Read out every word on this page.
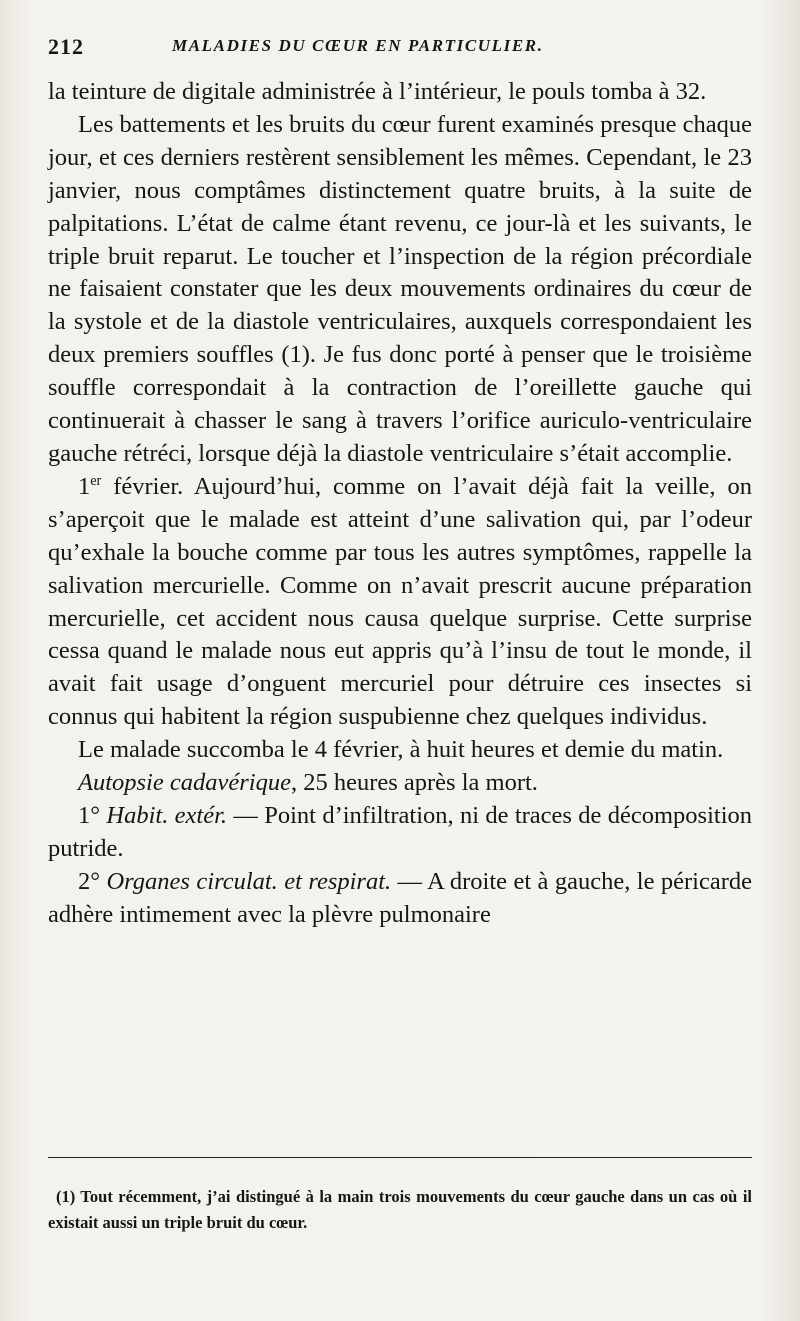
212	MALADIES DU CŒUR EN PARTICULIER.

la teinture de digitale administrée à l’intérieur, le pouls tomba à 32.

Les battements et les bruits du cœur furent examinés presque chaque jour, et ces derniers restèrent sensiblement les mêmes. Cependant, le 23 janvier, nous comptâmes distinctement quatre bruits, à la suite de palpitations. L’état de calme étant revenu, ce jour-là et les suivants, le triple bruit reparut. Le toucher et l’inspection de la région précordiale ne faisaient constater que les deux mouvements ordinaires du cœur de la systole et de la diastole ventriculaires, auxquels correspondaient les deux premiers souffles (1). Je fus donc porté à penser que le troisième souffle correspondait à la contraction de l’oreillette gauche qui continuerait à chasser le sang à travers l’orifice auriculo-ventriculaire gauche rétréci, lorsque déjà la diastole ventriculaire s’était accomplie.

1er février. Aujourd’hui, comme on l’avait déjà fait la veille, on s’aperçoit que le malade est atteint d’une salivation qui, par l’odeur qu’exhale la bouche comme par tous les autres symptômes, rappelle la salivation mercurielle. Comme on n’avait prescrit aucune préparation mercurielle, cet accident nous causa quelque surprise. Cette surprise cessa quand le malade nous eut appris qu’à l’insu de tout le monde, il avait fait usage d’onguent mercuriel pour détruire ces insectes si connus qui habitent la région suspubienne chez quelques individus.

Le malade succomba le 4 février, à huit heures et demie du matin.

Autopsie cadavérique, 25 heures après la mort.

1° Habit. extér. — Point d’infiltration, ni de traces de décomposition putride.

2° Organes circulat. et respirat. — A droite et à gauche, le péricarde adhère intimement avec la plèvre pulmonaire

(1) Tout récemment, j’ai distingué à la main trois mouvements du cœur gauche dans un cas où il existait aussi un triple bruit du cœur.
